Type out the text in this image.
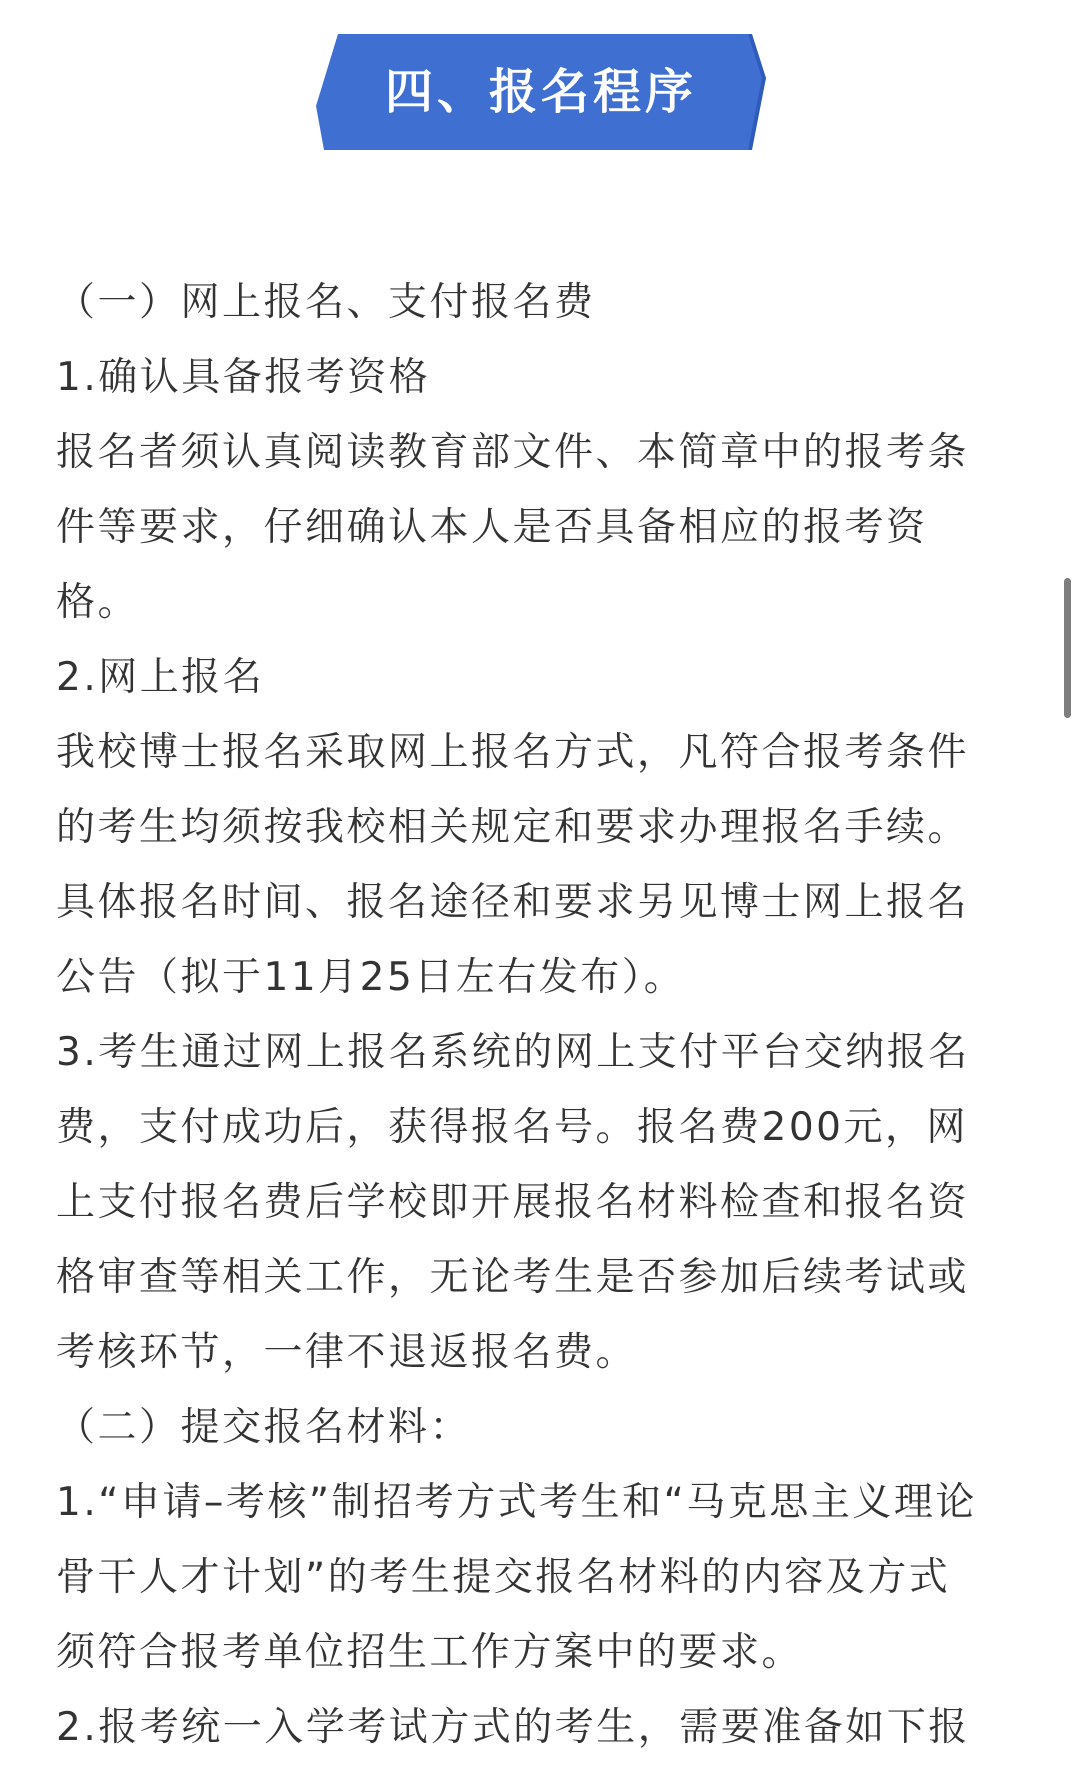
四、报名程序
（一）网上报名、支付报名费
1.确认具备报考资格
报名者须认真阅读教育部文件、本简章中的报考条
件等要求，仔细确认本人是否具备相应的报考资
格。
2.网上报名
我校博士报名采取网上报名方式，凡符合报考条件
的考生均须按我校相关规定和要求办理报名手续。
具体报名时间、报名途径和要求另见博士网上报名
公告（拟于11月25日左右发布）。
3.考生通过网上报名系统的网上支付平台交纳报名
费，支付成功后，获得报名号。报名费200元，网
上支付报名费后学校即开展报名材料检查和报名资
格审查等相关工作，无论考生是否参加后续考试或
考核环节，一律不退返报名费。
（二）提交报名材料：
1.“申请–考核”制招考方式考生和“马克思主义理论
骨干人才计划”的考生提交报名材料的内容及方式
须符合报考单位招生工作方案中的要求。
2.报考统一入学考试方式的考生，需要准备如下报
